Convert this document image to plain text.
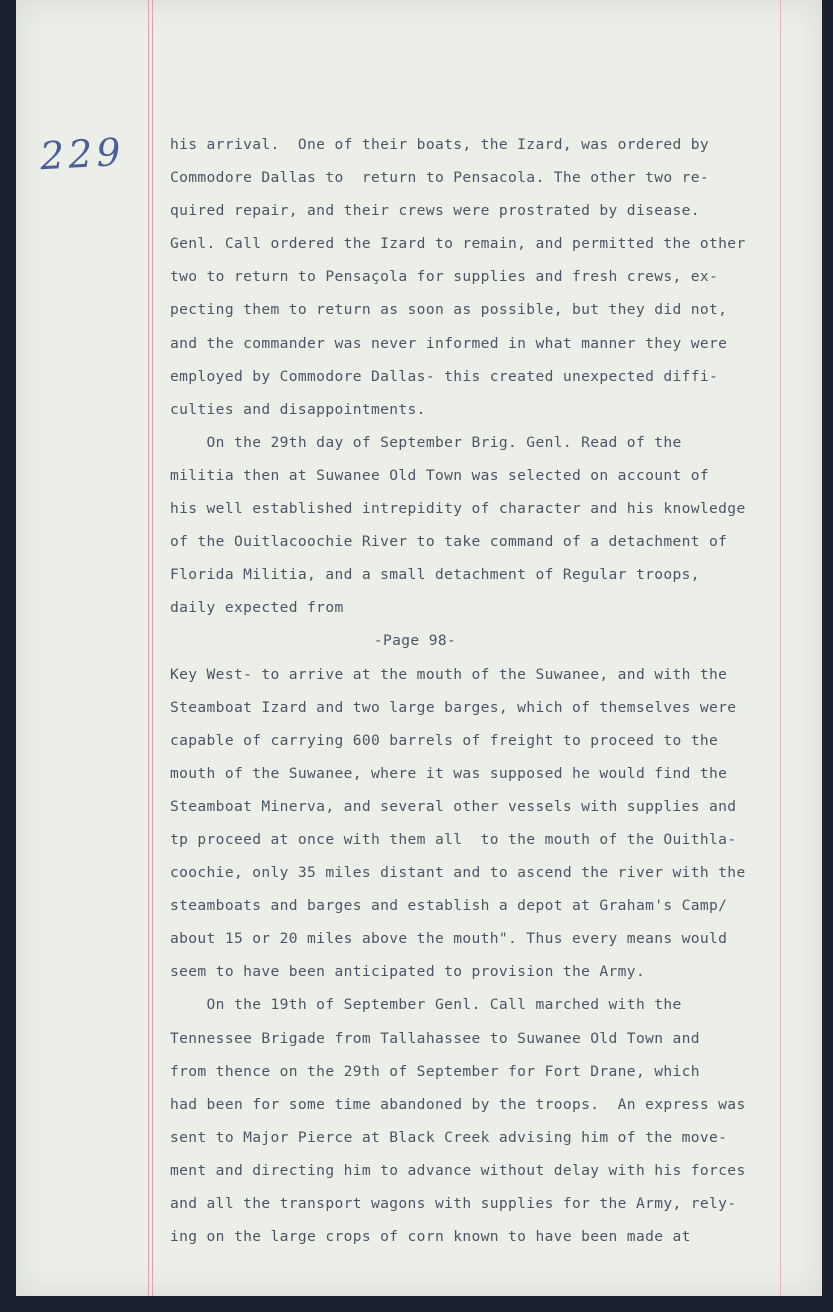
229	his arrival.  One of their boats, the Izard, was ordered by
Commodore Dallas to  return to Pensacola. The other two re-
quired repair, and their crews were prostrated by disease.
Genl. Call ordered the Izard to remain, and permitted the other
two to return to Pensaçola for supplies and fresh crews, ex-
pecting them to return as soon as possible, but they did not,
and the commander was never informed in what manner they were
employed by Commodore Dallas- this created unexpected diffi-
culties and disappointments.
On the 29th day of September Brig. Genl. Read of the
militia then at Suwanee Old Town was selected on account of
his well established intrepidity of character and his knowledge
of the Ouitlacoochie River to take command of a detachment of
Florida Militia, and a small detachment of Regular troops,
daily expected from
-Page 98-
Key West- to arrive at the mouth of the Suwanee, and with the
Steamboat Izard and two large barges, which of themselves were
capable of carrying 600 barrels of freight to proceed to the
mouth of the Suwanee, where it was supposed he would find the
Steamboat Minerva, and several other vessels with supplies and
tp proceed at once with them all  to the mouth of the Ouithla-
coochie, only 35 miles distant and to ascend the river with the
steamboats and barges and establish a depot at Graham's Camp/
about 15 or 20 miles above the mouth". Thus every means would
seem to have been anticipated to provision the Army.
On the 19th of September Genl. Call marched with the
Tennessee Brigade from Tallahassee to Suwanee Old Town and
from thence on the 29th of September for Fort Drane, which
had been for some time abandoned by the troops.  An express was
sent to Major Pierce at Black Creek advising him of the move-
ment and directing him to advance without delay with his forces
and all the transport wagons with supplies for the Army, rely-
ing on the large crops of corn known to have been made at
